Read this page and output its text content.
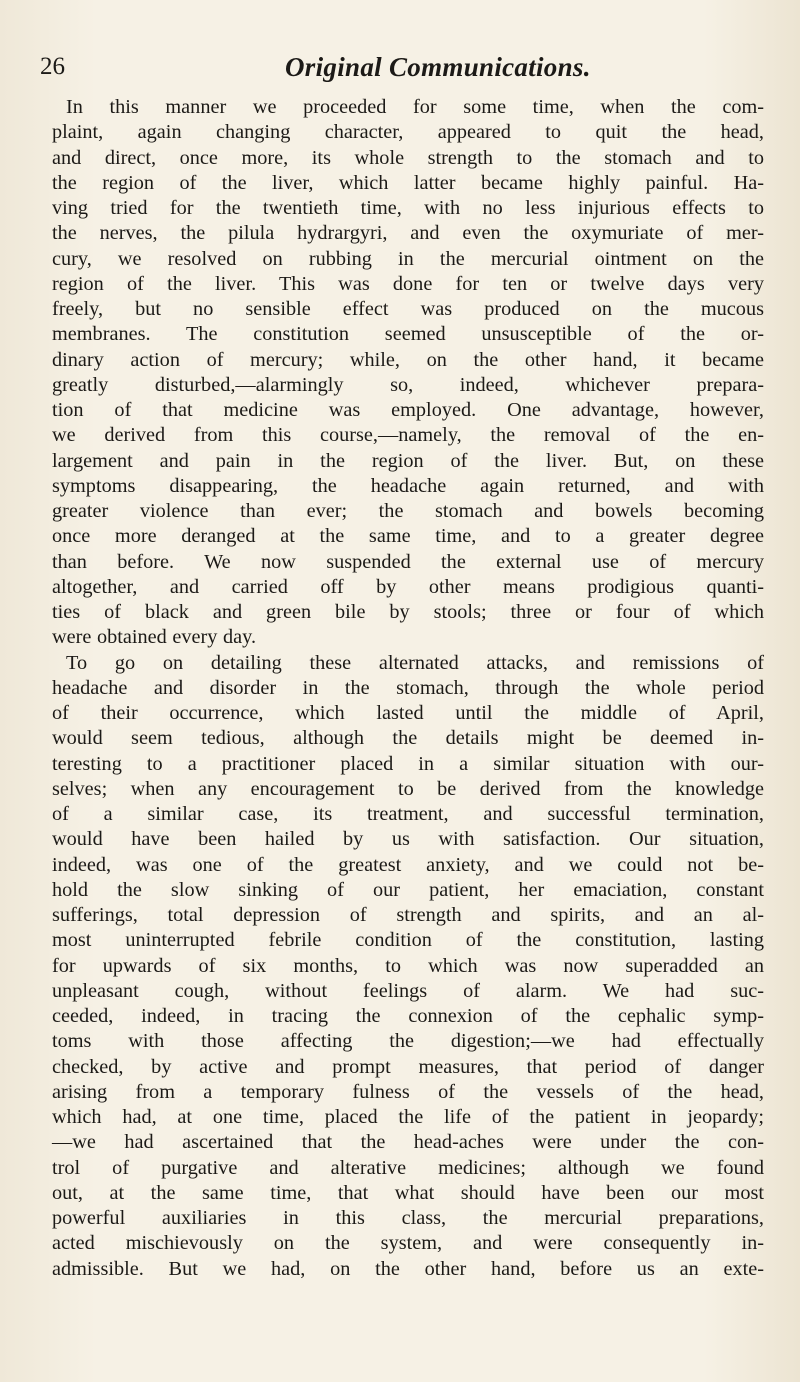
26	Original Communications.
In this manner we proceeded for some time, when the com-
plaint, again changing character, appeared to quit the head,
and direct, once more, its whole strength to the stomach and to
the region of the liver, which latter became highly painful. Ha-
ving tried for the twentieth time, with no less injurious effects to
the nerves, the pilula hydrargyri, and even the oxymuriate of mer-
cury, we resolved on rubbing in the mercurial ointment on the
region of the liver. This was done for ten or twelve days very
freely, but no sensible effect was produced on the mucous
membranes. The constitution seemed unsusceptible of the or-
dinary action of mercury; while, on the other hand, it became
greatly disturbed,—alarmingly so, indeed, whichever prepara-
tion of that medicine was employed. One advantage, however,
we derived from this course,—namely, the removal of the en-
largement and pain in the region of the liver. But, on these
symptoms disappearing, the headache again returned, and with
greater violence than ever; the stomach and bowels becoming
once more deranged at the same time, and to a greater degree
than before. We now suspended the external use of mercury
altogether, and carried off by other means prodigious quanti-
ties of black and green bile by stools; three or four of which
were obtained every day.
To go on detailing these alternated attacks, and remissions of
headache and disorder in the stomach, through the whole period
of their occurrence, which lasted until the middle of April,
would seem tedious, although the details might be deemed in-
teresting to a practitioner placed in a similar situation with our-
selves; when any encouragement to be derived from the knowledge
of a similar case, its treatment, and successful termination,
would have been hailed by us with satisfaction. Our situation,
indeed, was one of the greatest anxiety, and we could not be-
hold the slow sinking of our patient, her emaciation, constant
sufferings, total depression of strength and spirits, and an al-
most uninterrupted febrile condition of the constitution, lasting
for upwards of six months, to which was now superadded an
unpleasant cough, without feelings of alarm. We had suc-
ceeded, indeed, in tracing the connexion of the cephalic symp-
toms with those affecting the digestion;—we had effectually
checked, by active and prompt measures, that period of danger
arising from a temporary fulness of the vessels of the head,
which had, at one time, placed the life of the patient in jeopardy;
—we had ascertained that the head-aches were under the con-
trol of purgative and alterative medicines; although we found
out, at the same time, that what should have been our most
powerful auxiliaries in this class, the mercurial preparations,
acted mischievously on the system, and were consequently in-
admissible. But we had, on the other hand, before us an exte-
